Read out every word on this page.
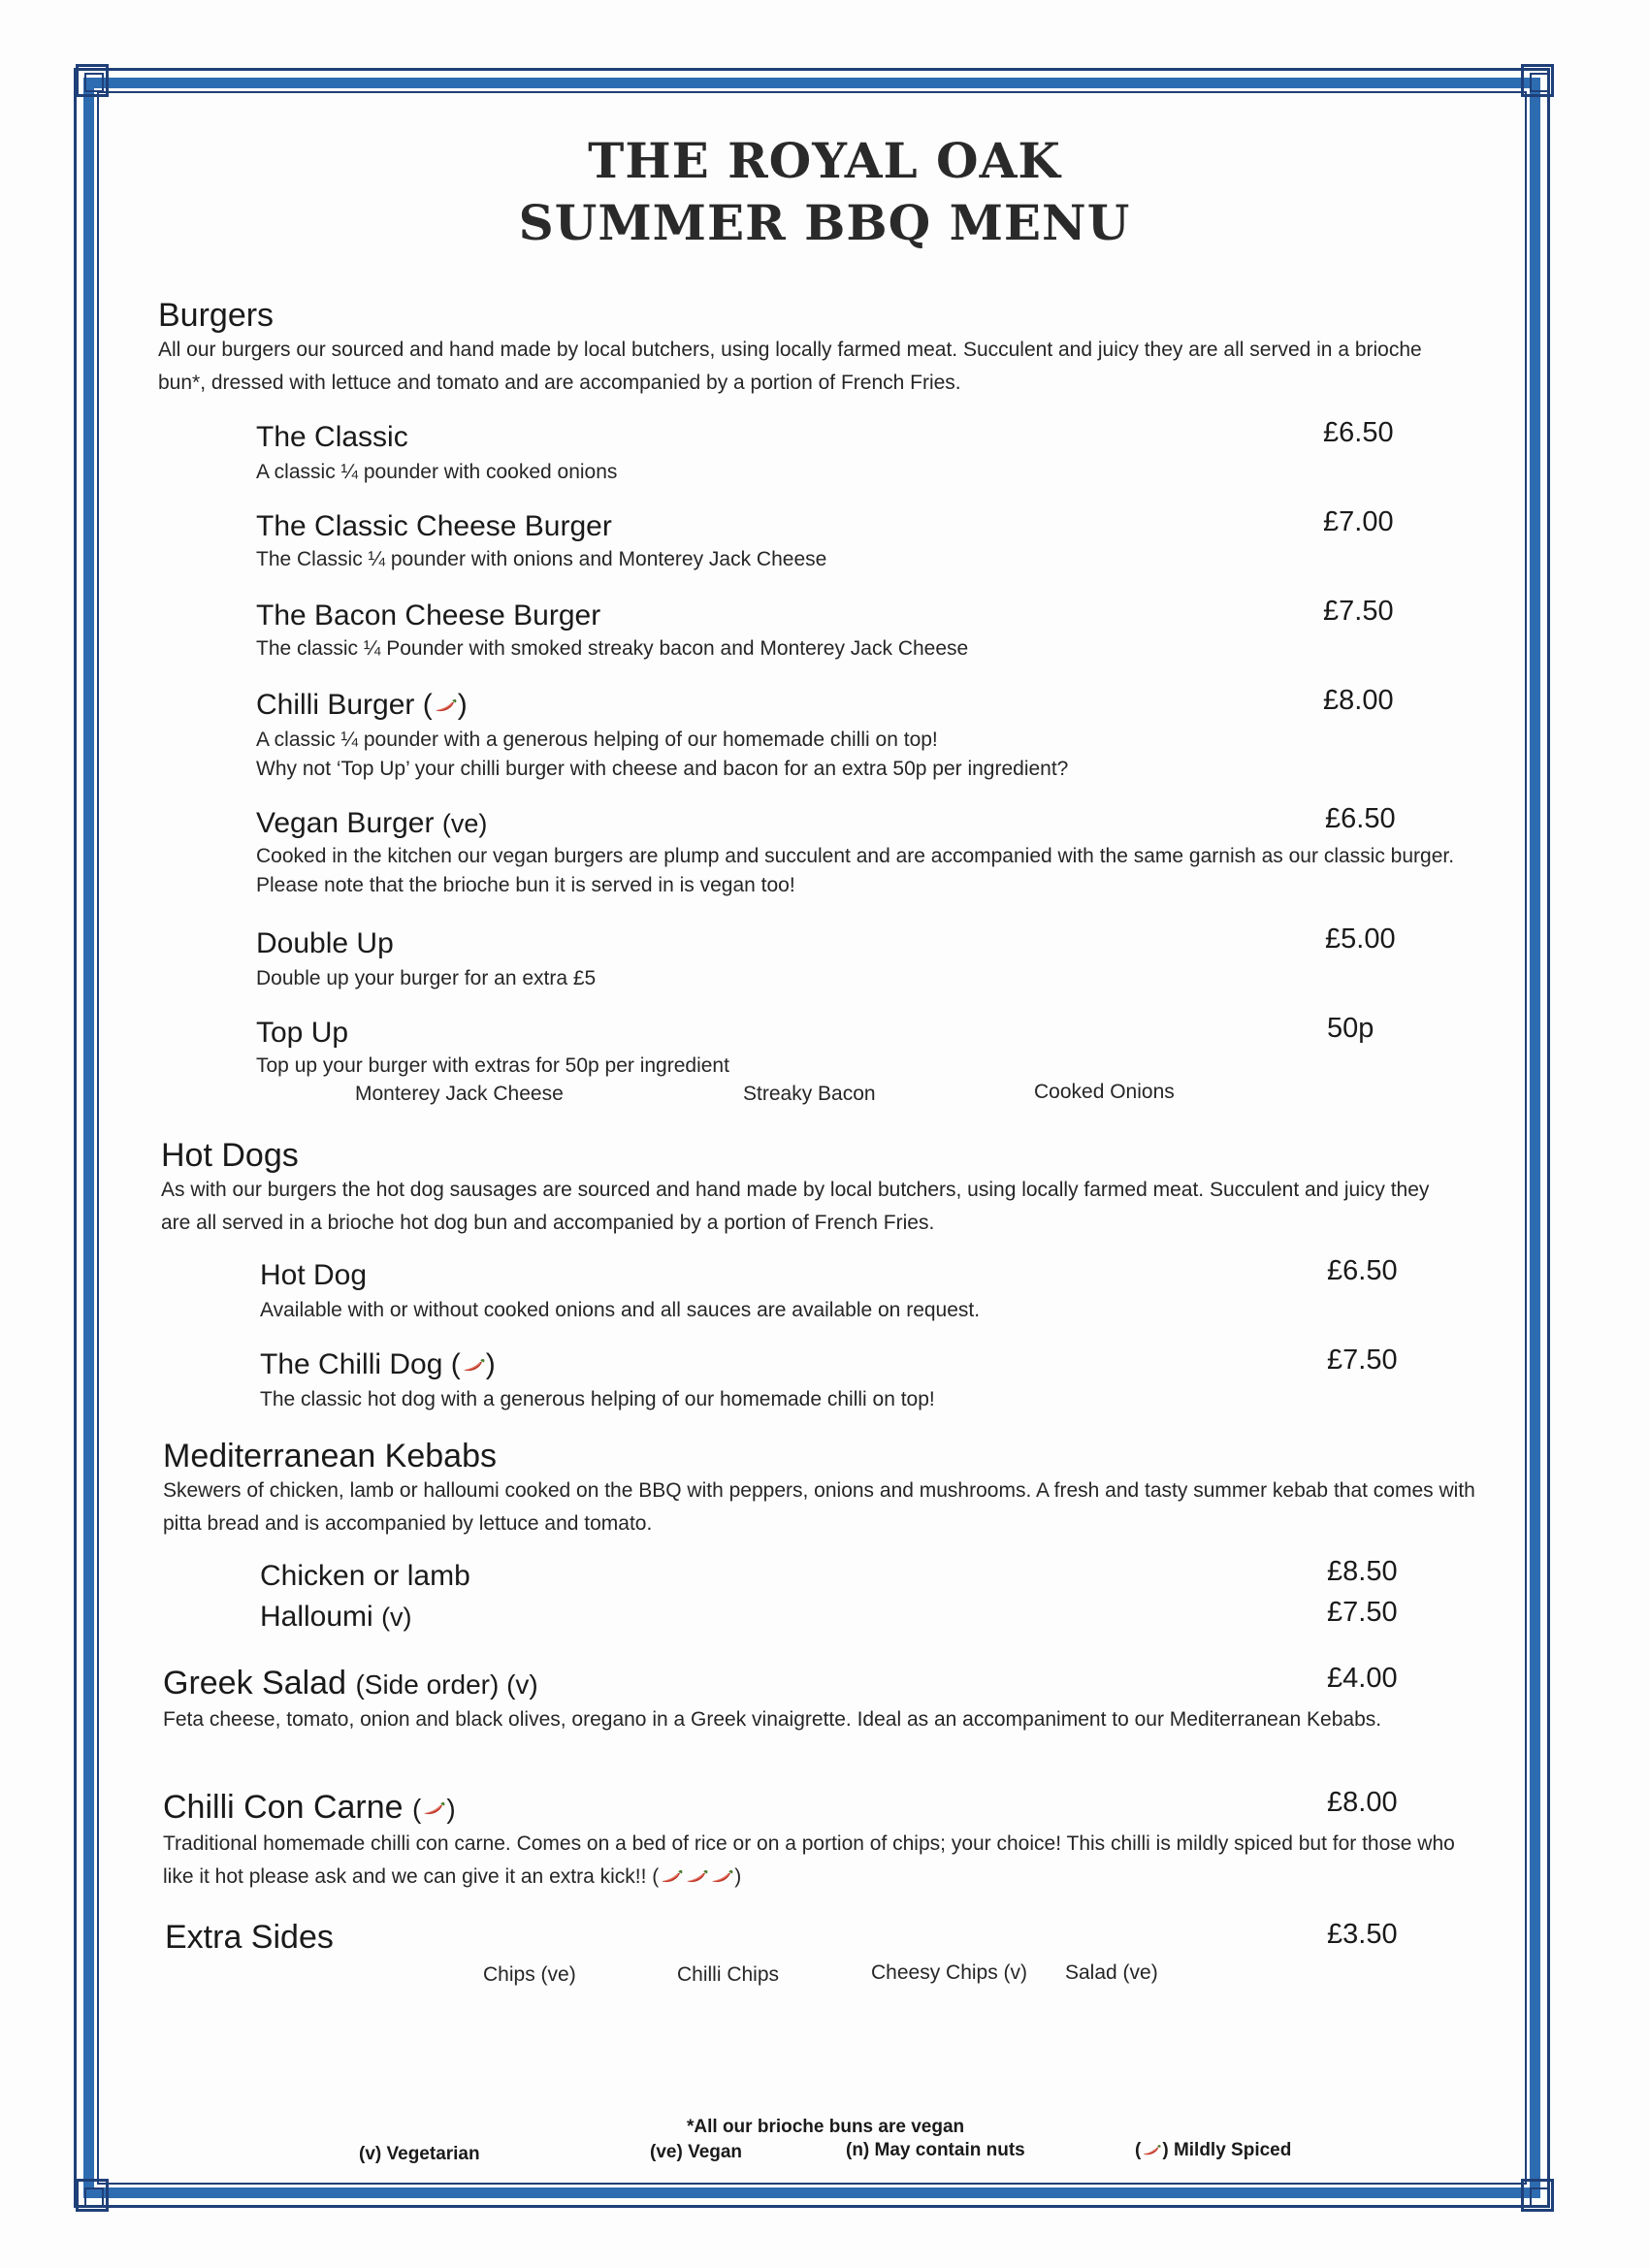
THE ROYAL OAK
SUMMER BBQ MENU
Burgers
All our burgers our sourced and hand made by local butchers, using locally farmed meat. Succulent and juicy they are all served in a brioche bun*, dressed with lettuce and tomato and are accompanied by a portion of French Fries.
The Classic	£6.50
A classic ¼ pounder with cooked onions
The Classic Cheese Burger	£7.00
The Classic ¼ pounder with onions and Monterey Jack Cheese
The Bacon Cheese Burger	£7.50
The classic ¼ Pounder with smoked streaky bacon and Monterey Jack Cheese
Chilli Burger ( )	£8.00
A classic ¼ pounder with a generous helping of our homemade chilli on top!
Why not ‘Top Up’ your chilli burger with cheese and bacon for an extra 50p per ingredient?
Vegan Burger (ve)	£6.50
Cooked in the kitchen our vegan burgers are plump and succulent and are accompanied with the same garnish as our classic burger. Please note that the brioche bun it is served in is vegan too!
Double Up	£5.00
Double up your burger for an extra £5
Top Up	50p
Top up your burger with extras for 50p per ingredient
Monterey Jack Cheese	Streaky Bacon	Cooked Onions
Hot Dogs
As with our burgers the hot dog sausages are sourced and hand made by local butchers, using locally farmed meat. Succulent and juicy they are all served in a brioche hot dog bun and accompanied by a portion of French Fries.
Hot Dog	£6.50
Available with or without cooked onions and all sauces are available on request.
The Chilli Dog ( )	£7.50
The classic hot dog with a generous helping of our homemade chilli on top!
Mediterranean Kebabs
Skewers of chicken, lamb or halloumi cooked on the BBQ with peppers, onions and mushrooms. A fresh and tasty summer kebab that comes with pitta bread and is accompanied by lettuce and tomato.
Chicken or lamb	£8.50
Halloumi (v)	£7.50
Greek Salad (Side order) (v)	£4.00
Feta cheese, tomato, onion and black olives, oregano in a Greek vinaigrette. Ideal as an accompaniment to our Mediterranean Kebabs.
Chilli Con Carne ( )	£8.00
Traditional homemade chilli con carne. Comes on a bed of rice or on a portion of chips; your choice! This chilli is mildly spiced but for those who like it hot please ask and we can give it an extra kick!! (	)
Extra Sides	£3.50
Chips (ve)	Chilli Chips	Cheesy Chips (v) Salad (ve)
*All our brioche buns are vegan
(v) Vegetarian	(ve) Vegan	(n) May contain nuts	( ) Mildly Spiced
